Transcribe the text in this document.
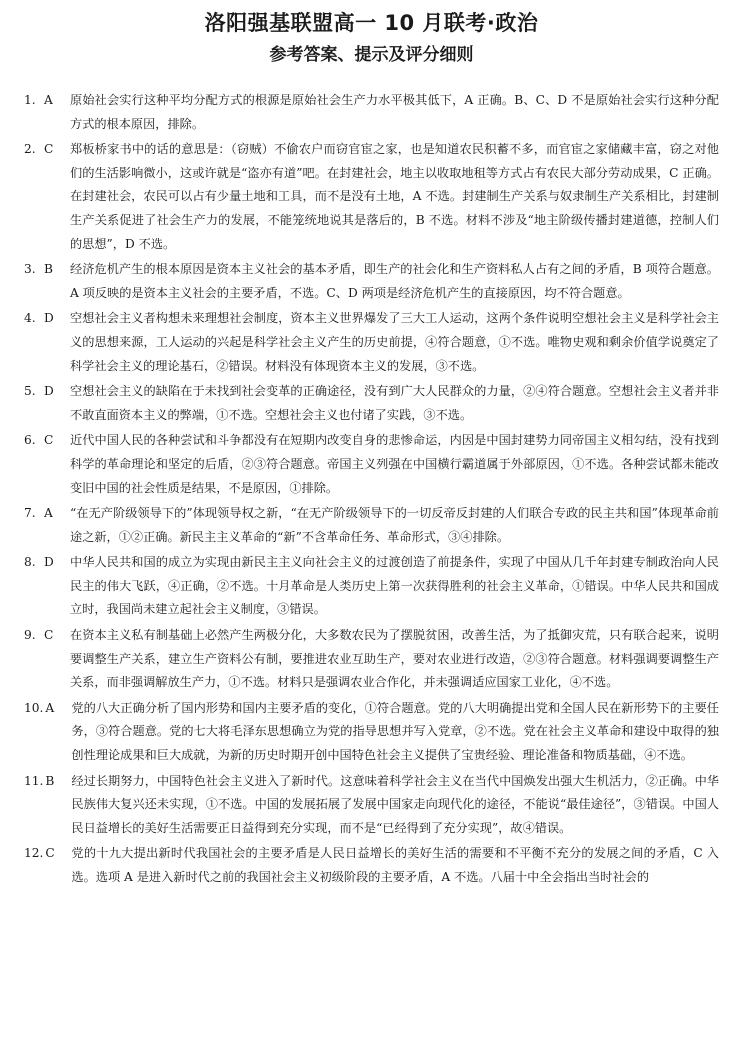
洛阳强基联盟高一 10 月联考·政治
参考答案、提示及评分细则
1. A	原始社会实行这种平均分配方式的根源是原始社会生产力水平极其低下，A 正确。B、C、D 不是原始社会实行这种分配方式的根本原因，排除。
2. C	郑板桥家书中的话的意思是：（窃贼）不偷农户而窃官宦之家，也是知道农民积蓄不多，而官宦之家储藏丰富，窃之对他们的生活影响微小，这或许就是“盗亦有道”吧。在封建社会，地主以收取地租等方式占有农民大部分劳动成果，C 正确。在封建社会，农民可以占有少量土地和工具，而不是没有土地，A 不选。封建制生产关系与奴隶制生产关系相比，封建制生产关系促进了社会生产力的发展，不能笼统地说其是落后的，B 不选。材料不涉及“地主阶级传播封建道德，控制人们的思想”，D 不选。
3. B	经济危机产生的根本原因是资本主义社会的基本矛盾，即生产的社会化和生产资料私人占有之间的矛盾，B 项符合题意。A 项反映的是资本主义社会的主要矛盾，不选。C、D 两项是经济危机产生的直接原因，均不符合题意。
4. D	空想社会主义者构想未来理想社会制度，资本主义世界爆发了三大工人运动，这两个条件说明空想社会主义是科学社会主义的思想来源，工人运动的兴起是科学社会主义产生的历史前提，④符合题意，①不选。唯物史观和剩余价值学说奠定了科学社会主义的理论基石，②错误。材料没有体现资本主义的发展，③不选。
5. D	空想社会主义的缺陷在于未找到社会变革的正确途径，没有到广大人民群众的力量，②④符合题意。空想社会主义者并非不敢直面资本主义的弊端，①不选。空想社会主义也付诸了实践，③不选。
6. C	近代中国人民的各种尝试和斗争都没有在短期内改变自身的悲惨命运，内因是中国封建势力同帝国主义相勾结，没有找到科学的革命理论和坚定的后盾，②③符合题意。帝国主义列强在中国横行霸道属于外部原因，①不选。各种尝试都未能改变旧中国的社会性质是结果，不是原因，①排除。
7. A	“在无产阶级领导下的”体现领导权之新，“在无产阶级领导下的一切反帝反封建的人们联合专政的民主共和国”体现革命前途之新，①②正确。新民主主义革命的“新”不含革命任务、革命形式，③④排除。
8. D	中华人民共和国的成立为实现由新民主主义向社会主义的过渡创造了前提条件，实现了中国从几千年封建专制政治向人民民主的伟大飞跃，④正确，②不选。十月革命是人类历史上第一次获得胜利的社会主义革命，①错误。中华人民共和国成立时，我国尚未建立起社会主义制度，③错误。
9. C	在资本主义私有制基础上必然产生两极分化，大多数农民为了摆脱贫困，改善生活，为了抵御灾荒，只有联合起来，说明要调整生产关系，建立生产资料公有制，要推进农业互助生产，要对农业进行改造，②③符合题意。材料强调要调整生产关系，而非强调解放生产力，①不选。材料只是强调农业合作化，并未强调适应国家工业化，④不选。
10. A	党的八大正确分析了国内形势和国内主要矛盾的变化，①符合题意。党的八大明确提出党和全国人民在新形势下的主要任务，③符合题意。党的七大将毛泽东思想确立为党的指导思想并写入党章，②不选。党在社会主义革命和建设中取得的独创性理论成果和巨大成就，为新的历史时期开创中国特色社会主义提供了宝贵经验、理论准备和物质基础，④不选。
11. B	经过长期努力，中国特色社会主义进入了新时代。这意味着科学社会主义在当代中国焕发出强大生机活力，②正确。中华民族伟大复兴还未实现，①不选。中国的发展拓展了发展中国家走向现代化的途径，不能说“最佳途径”，③错误。中国人民日益增长的美好生活需要正日益得到充分实现，而不是“已经得到了充分实现”，故④错误。
12. C	党的十九大提出新时代我国社会的主要矛盾是人民日益增长的美好生活的需要和不平衡不充分的发展之间的矛盾，C 入选。选项 A 是进入新时代之前的我国社会主义初级阶段的主要矛盾，A 不选。八届十中全会指出当时社会的
